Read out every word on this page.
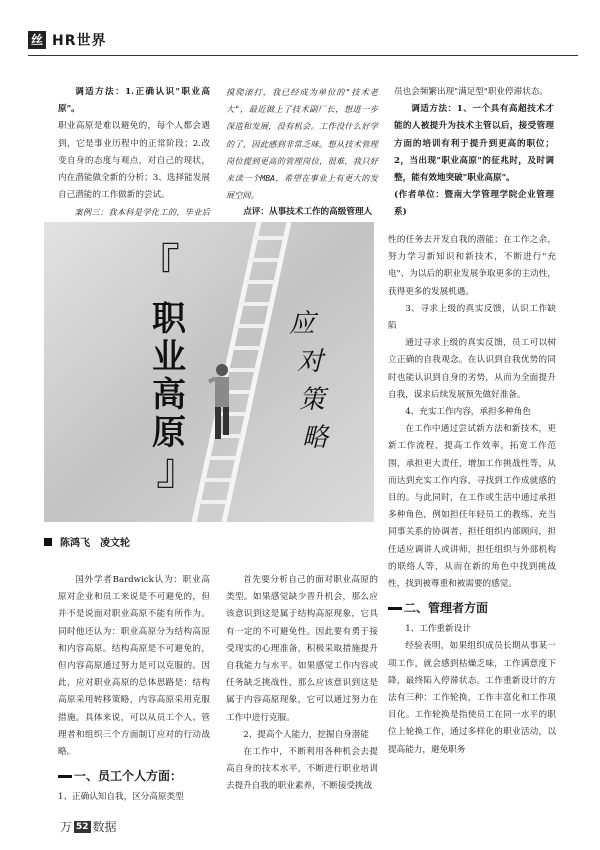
丝 HR世界

调适方法：1.正确认识"职业高原"。

职业高原是难以避免的，每个人都会遇到，它是事业历程中的正常阶段；2.改变自身的态度与观点，对自己的现状，内在潜能做全新的分析；3、选择能发展自己潜能的工作做新的尝试。

案例三：我本科是学化工的，毕业后

摸爬滚打，我已经成为单位的"技术老大"，最近做上了技术副厂长，想进一步深造和发展，没有机会。工作没什么好学的了，因此感到非常乏味。想从技术管理岗位提到更高的管理岗位，很难，我只好来读一个MBA，希望在事业上有更大的发展空间。

点评：从事技术工作的高级管理人

员也会频繁出现"满足型"职业停滞状态。

调适方法：1、一个具有高超技术才能的人被提升为技术主管以后，接受管理方面的培训有利于提升到更高的职位；2，当出现"职业高原"的征兆时，及时调整，能有效地突破"职业高原"。

(作者单位：暨南大学管理学院企业管理系)

『
职 业 高 原
』
应
对
策
略
陈鸿飞　凌文轮

性的任务去开发自我的潜能；在工作之余，努力学习新知识和新技术，不断进行"充电"、为以后的职业发展争取更多的主动性，获得更多的发展机遇。

3、寻求上级的真实反馈，认识工作缺陷

通过寻求上级的真实反馈，员工可以树立正确的自我观念。在认识到自我优势的同时也能认识到自身的劣势，从而为全面提升自我，谋求后续发展预先做好准备。

4、充实工作内容，承担多种角色

在工作中通过尝试新方法和新技术，更新工作流程，提高工作效率，拓宽工作范围，承担更大责任，增加工作挑战性等，从而达到充实工作内容，寻找到工作成就感的目的。与此同时，在工作或生活中通过承担多种角色，例如担任年轻员工的教练、充当同事关系的协调者，担任组织内部顾问，担任适应调讲人或讲师，担任组织与外部机构的联络人等，从而在新的角色中找到挑战性，找到被尊重和被需要的感觉。

二、管理者方面

1、工作重新设计

经验表明，如果组织成员长期从事某一项工作，就会感到枯燥乏味，工作满意度下降，最终陷入停滞状态。工作重新设计的方法有三种：工作轮换，工作丰富化和工作项目化。工作轮换是指使员工在同一水平的职位上轮换工作，通过多样化的职业活动，以提高能力，避免职务

国外学者Bardwick认为：职业高原对企业和员工来说是不可避免的，但并不是说面对职业高原不能有所作为。同时他还认为：职业高原分为结构高原和内容高原。结构高原是不可避免的，但内容高原通过努力是可以克服的。因此，应对职业高原的总体思路是：结构高原采用转移策略，内容高原采用克服措施。具体来说，可以从员工个人、管理者和组织三个方面制订应对的行动战略。

一、员工个人方面：

1、正确认知自我，区分高原类型

首先要分析自己的面对职业高原的类型。如果感觉缺少晋升机会，那么应该意识到这是属于结构高原现象，它具有一定的不可避免性。因此要有勇于接受现实的心理准备，积极采取措施提升自我能力与水平。如果感觉工作内容或任务缺乏挑战性，那么应该意识到这是属于内容高原现象，它可以通过努力在工作中进行克服。

2、提高个人能力，挖掘自身潜能

在工作中，不断利用各种机会去提高自身的技术水平，不断进行职业培训去提升自我的职业素养，不断接受挑战

万 52 数据
